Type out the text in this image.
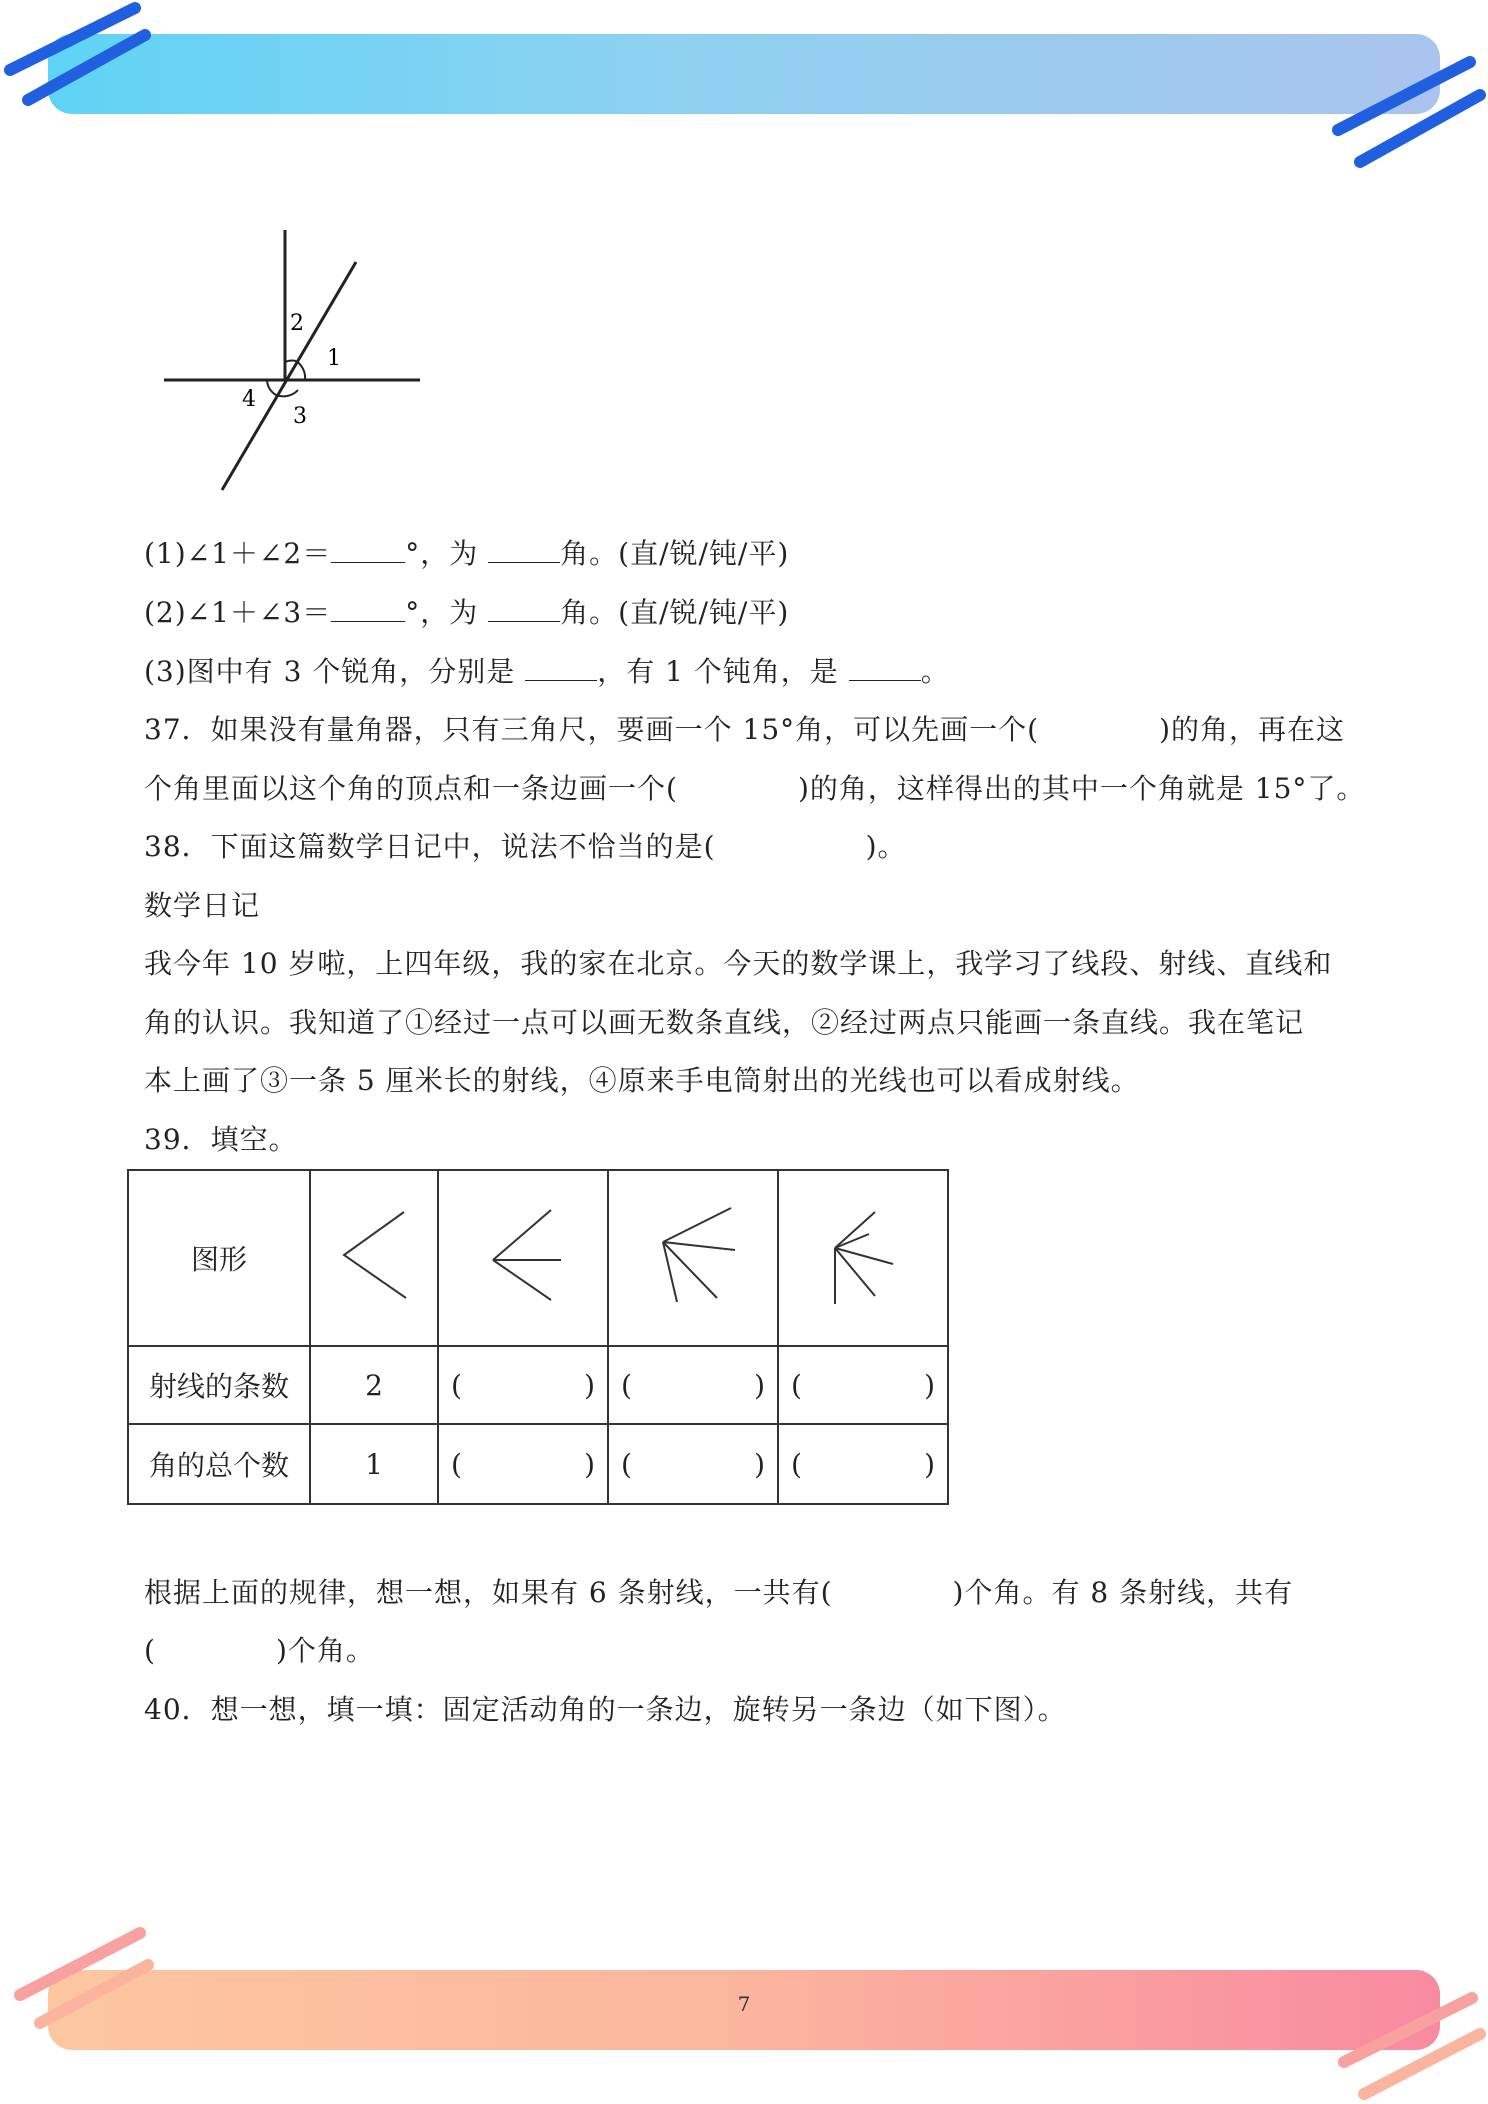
2
1
4
3
(1)∠1＋∠2＝	°，为	角。(直/锐/钝/平)
(2)∠1＋∠3＝	°，为	角。(直/锐/钝/平)
(3)图中有 3 个锐角，分别是	，有 1 个钝角，是	。
37．如果没有量角器，只有三角尺，要画一个 15°角，可以先画一个(	)的角，再在这
个角里面以这个角的顶点和一条边画一个(	)的角，这样得出的其中一个角就是 15°了。
38．下面这篇数学日记中，说法不恰当的是(	)。
数学日记
我今年 10 岁啦，上四年级，我的家在北京。今天的数学课上，我学习了线段、射线、直线和
角的认识。我知道了①经过一点可以画无数条直线，②经过两点只能画一条直线。我在笔记
本上画了③一条 5 厘米长的射线，④原来手电筒射出的光线也可以看成射线。
39．填空。
图形				
射线的条数	2	( )	( )	( )

角的总个数	1	( )	( )	( )
根据上面的规律，想一想，如果有 6 条射线，一共有(	)个角。有 8 条射线，共有
(	)个角。
40．想一想，填一填：固定活动角的一条边，旋转另一条边（如下图）。
7
